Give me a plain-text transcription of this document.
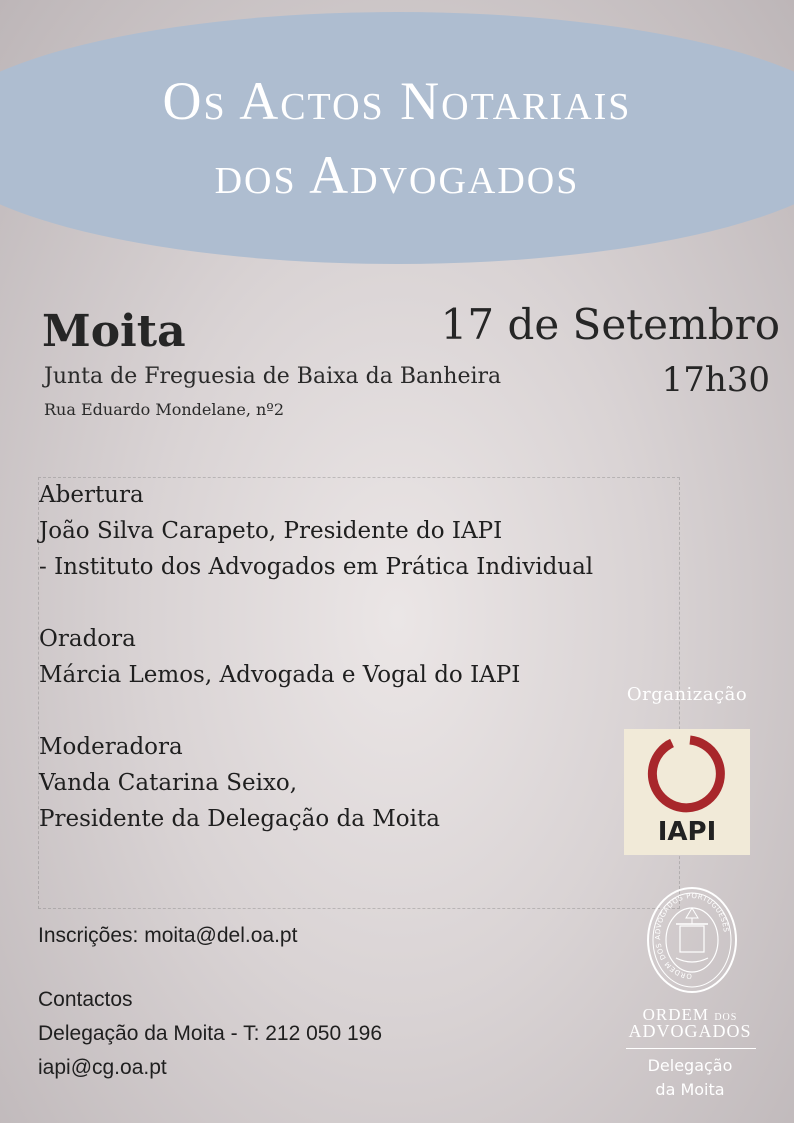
Os Actos Notariais
dos Advogados
Moita
Junta de Freguesia de Baixa da Banheira
Rua Eduardo Mondelane, nº2
17 de Setembro
17h30
Abertura
João Silva Carapeto, Presidente do IAPI
- Instituto dos Advogados em Prática Individual
Oradora
Márcia Lemos, Advogada e Vogal do IAPI
Moderadora
Vanda Catarina Seixo,
Presidente da Delegação da Moita
Organização
IAPI
Inscrições: moita@del.oa.pt
Contactos
Delegação da Moita - T: 212 050 196
iapi@cg.oa.pt
ORDEM DOS ADVOGADOS PORTUGUESES
ORDEM DOS
ADVOGADOS
Delegação
da Moita
